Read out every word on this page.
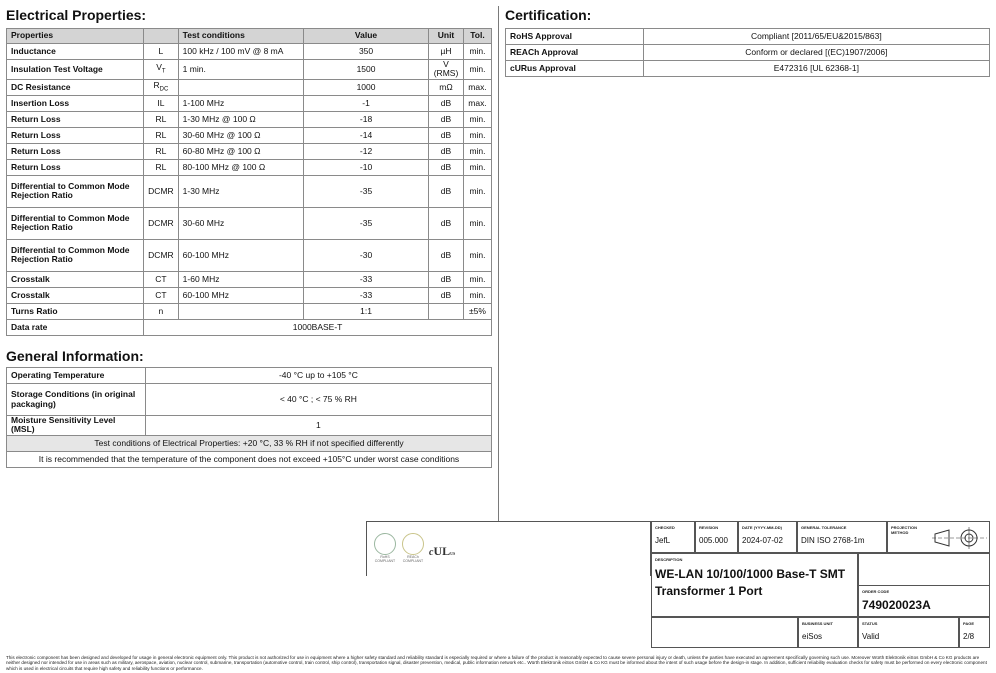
Electrical Properties:
Properties		Test conditions	Value	Unit	Tol.
Inductance	L	100 kHz / 100 mV @ 8 mA	350	µH	min.
Insulation Test Voltage	$V_T$	1 min.	1500	V (RMS)	min.
DC Resistance	$R_{DC}$		1000	mΩ	max.
Insertion Loss	IL	1-100 MHz	-1	dB	max.
Return Loss	RL	1-30 MHz @ 100 Ω	-18	dB	min.
Return Loss	RL	30-60 MHz @ 100 Ω	-14	dB	min.
Return Loss	RL	60-80 MHz @ 100 Ω	-12	dB	min.
Return Loss	RL	80-100 MHz @ 100 Ω	-10	dB	min.
Differential to Common Mode Rejection Ratio	DCMR	1-30 MHz	-35	dB	min.
Differential to Common Mode Rejection Ratio	DCMR	30-60 MHz	-35	dB	min.
Differential to Common Mode Rejection Ratio	DCMR	60-100 MHz	-30	dB	min.
Crosstalk	CT	1-60 MHz	-33	dB	min.
Crosstalk	CT	60-100 MHz	-33	dB	min.
Turns Ratio	n		1:1		±5%
Data rate	1000BASE-T				
General Information:
Operating Temperature	-40 °C up to +105 °C
Storage Conditions (in original packaging)	< 40 °C ; < 75 % RH
Moisture Sensitivity Level (MSL)	1
Test conditions of Electrical Properties: +20 °C, 33 % RH if not specified differently	
It is recommended that the temperature of the component does not exceed +105°C under worst case conditions	
Certification:
RoHS Approval	Compliant [2011/65/EU&2015/863]
REACh Approval	Conform or declared [(EC)1907/2006]
cURus Approval	E472316 [UL 62368-1]
RoHS
COMPLIANT
REACh
COMPLIANT
cULUS
CHECKED
JefL
REVISION
005.000
DATE (YYYY-MM-DD)
2024-07-02
GENERAL TOLERANCE
DIN ISO 2768-1m
PROJECTION METHOD
DESCRIPTION
WE-LAN 10/100/1000 Base-T SMT
Transformer 1 Port	ORDER CODE
749020023A
BUSINESS UNIT
eiSos
STATUS
Valid
PAGE
2/8
This electronic component has been designed and developed for usage in general electronic equipment only. This product is not authorized for use in equipment where a higher safety standard and reliability standard is especially required or where a failure of the product is reasonably expected to cause severe personal injury or death, unless the parties have executed an agreement specifically governing such use. Moreover Würth Elektronik eiSos GmbH & Co KG products are neither designed nor intended for use in areas such as military, aerospace, aviation, nuclear control, submarine, transportation (automotive control, train control, ship control), transportation signal, disaster prevention, medical, public information network etc.. Würth Elektronik eiSos GmbH & Co KG must be informed about the intent of such usage before the design-in stage. In addition, sufficient reliability evaluation checks for safety must be performed on every electronic component which is used in electrical circuits that require high safety and reliability functions or performance.
